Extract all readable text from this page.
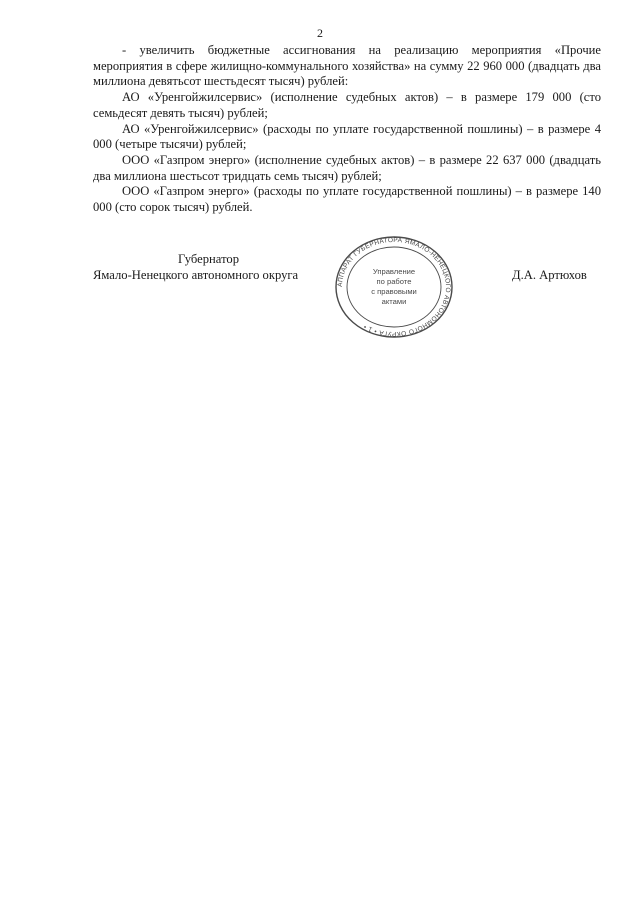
2

- увеличить бюджетные ассигнования на реализацию мероприятия «Прочие мероприятия в сфере жилищно-коммунального хозяйства» на сумму 22 960 000 (двадцать два миллиона девятьсот шестьдесят тысяч) рублей:

АО «Уренгойжилсервис» (исполнение судебных актов) – в размере 179 000 (сто семьдесят девять тысяч) рублей;

АО «Уренгойжилсервис» (расходы по уплате государственной пошлины) – в размере 4 000 (четыре тысячи) рублей;

ООО «Газпром энерго» (исполнение судебных актов) – в размере 22 637 000 (двадцать два миллиона шестьсот тридцать семь тысяч) рублей;

ООО «Газпром энерго» (расходы по уплате государственной пошлины) – в размере 140 000 (сто сорок тысяч) рублей.

Губернатор
Ямало-Ненецкого автономного округа	Д.А. Артюхов
АППАРАТ ГУБЕРНАТОРА ЯМАЛО-НЕНЕЦКОГО АВТОНОМНОГО ОКРУГА • 1 •
Управление
по работе
с правовыми
актами
